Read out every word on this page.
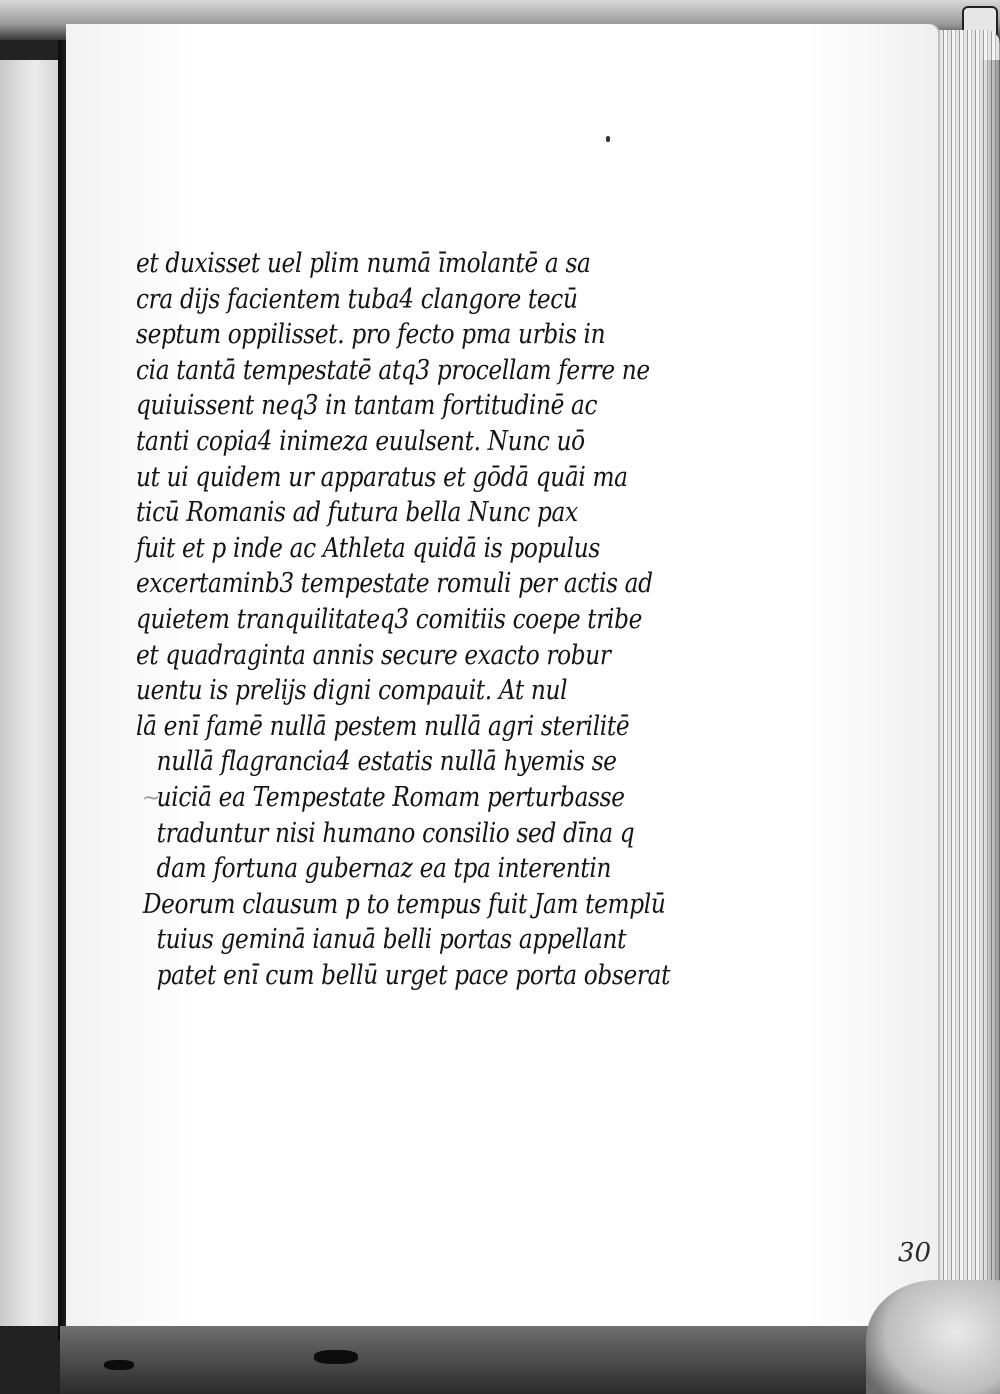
~
et duxisset uel plim numā īmolantē a sa
cra dijs facientem tuba4 clangore tecū
septum oppilisset. pro fecto pma urbis in
cia tantā tempestatē atq3 procellam ferre ne
quiuissent neq3 in tantam fortitudinē ac
tanti copia4 inimeza euulsent. Nunc uō
ut ui quidem ur apparatus et gōdā quāi ma
ticū Romanis ad futura bella Nunc pax
fuit et p inde ac Athleta quidā is populus
excertaminb3 tempestate romuli per actis ad
quietem tranquilitateq3 comitiis coepe tribe
et quadraginta annis secure exacto robur
uentu is prelijs digni compauit. At nul
lā enī famē nullā pestem nullā agri sterilitē
nullā flagrancia4 estatis nullā hyemis se
uiciā ea Tempestate Romam perturbasse
traduntur nisi humano consilio sed dīna q
dam fortuna gubernaz ea tpa interentin
Deorum clausum p to tempus fuit Jam templū
tuius geminā ianuā belli portas appellant
patet enī cum bellū urget pace porta obserat
30
